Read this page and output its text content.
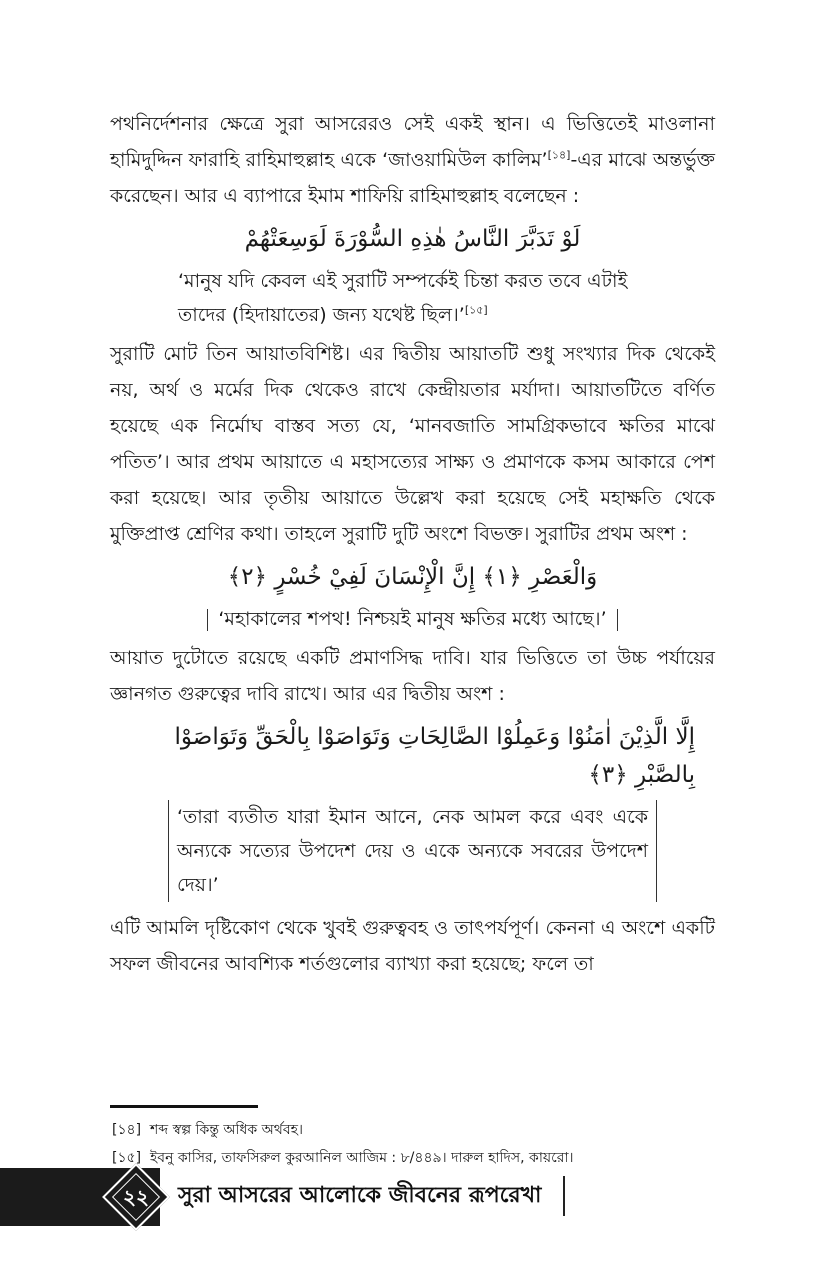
পথনির্দেশনার ক্ষেত্রে সুরা আসরেরও সেই একই স্থান। এ ভিত্তিতেই মাওলানা হামিদুদ্দিন ফারাহি রাহিমাহুল্লাহ একে ‘জাওয়ামিউল কালিম’[১৪]-এর মাঝে অন্তর্ভুক্ত করেছেন। আর এ ব্যাপারে ইমাম শাফিয়ি রাহিমাহুল্লাহ বলেছেন :

لَوْ تَدَبَّرَ النَّاسُ هٰذِهِ السُّوْرَةَ لَوَسِعَتْهُمْ

‘মানুষ যদি কেবল এই সুরাটি সম্পর্কেই চিন্তা করত তবে এটাই তাদের (হিদায়াতের) জন্য যথেষ্ট ছিল।’[১৫]

সুরাটি মোট তিন আয়াতবিশিষ্ট। এর দ্বিতীয় আয়াতটি শুধু সংখ্যার দিক থেকেই নয়, অর্থ ও মর্মের দিক থেকেও রাখে কেন্দ্রীয়তার মর্যাদা। আয়াতটিতে বর্ণিত হয়েছে এক নির্মোঘ বাস্তব সত্য যে, ‘মানবজাতি সামগ্রিকভাবে ক্ষতির মাঝে পতিত’। আর প্রথম আয়াতে এ মহাসত্যের সাক্ষ্য ও প্রমাণকে কসম আকারে পেশ করা হয়েছে। আর তৃতীয় আয়াতে উল্লেখ করা হয়েছে সেই মহাক্ষতি থেকে মুক্তিপ্রাপ্ত শ্রেণির কথা। তাহলে সুরাটি দুটি অংশে বিভক্ত। সুরাটির প্রথম অংশ :

وَالْعَصْرِ ﴿١﴾ إِنَّ الْإِنْسَانَ لَفِيْ خُسْرٍ ﴿٢﴾

‘মহাকালের শপথ! নিশ্চয়ই মানুষ ক্ষতির মধ্যে আছে।’

আয়াত দুটোতে রয়েছে একটি প্রমাণসিদ্ধ দাবি। যার ভিত্তিতে তা উচ্চ পর্যায়ের জ্ঞানগত গুরুত্বের দাবি রাখে। আর এর দ্বিতীয় অংশ :

إِلَّا الَّذِيْنَ اٰمَنُوْا وَعَمِلُوْا الصَّالِحَاتِ وَتَوَاصَوْا بِالْحَقِّ وَتَوَاصَوْا
بِالصَّبْرِ ﴿٣﴾

‘তারা ব্যতীত যারা ইমান আনে, নেক আমল করে এবং একে অন্যকে সত্যের উপদেশ দেয় ও একে অন্যকে সবরের উপদেশ দেয়।’

এটি আমলি দৃষ্টিকোণ থেকে খুবই গুরুত্ববহ ও তাৎপর্যপূর্ণ। কেননা এ অংশে একটি সফল জীবনের আবশ্যিক শর্তগুলোর ব্যাখ্যা করা হয়েছে; ফলে তা

[১৪] শব্দ স্বল্প কিন্তু অধিক অর্থবহ।

[১৫] ইবনু কাসির, তাফসিরুল কুরআনিল আজিম : ৮/৪৪৯। দারুল হাদিস, কায়রো।

২২	সুরা আসরের আলোকে জীবনের রূপরেখা
